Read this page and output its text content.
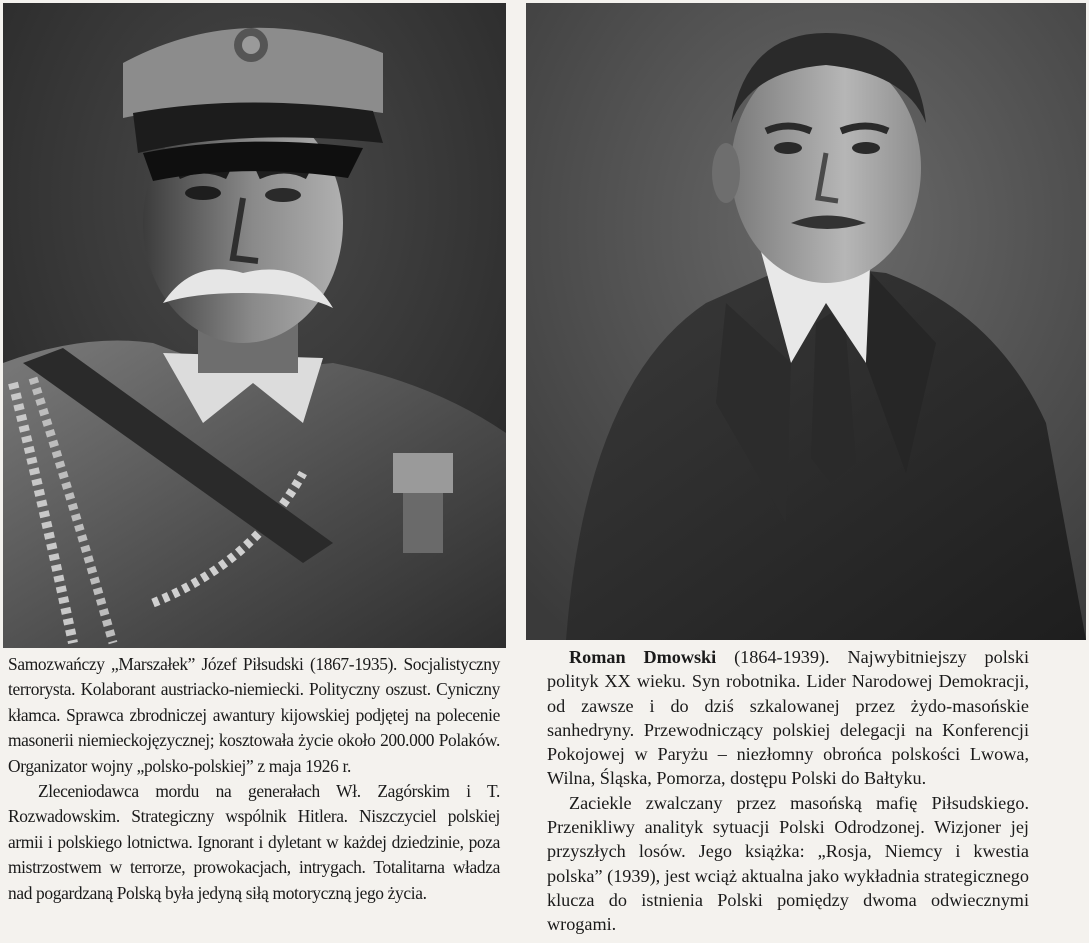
Samozwańczy „Marszałek” Józef Piłsudski (1867-1935). Socjalistyczny terrorysta. Kolaborant austriacko-niemiecki. Polityczny oszust. Cyniczny kłamca. Sprawca zbrodniczej awantury kijowskiej podjętej na polecenie masonerii niemieckojęzycznej; kosztowała życie około 200.000 Polaków. Organizator wojny „polsko-polskiej” z maja 1926 r.

Zleceniodawca mordu na generałach Wł. Zagórskim i T. Rozwadowskim. Strategiczny wspólnik Hitlera. Niszczyciel polskiej armii i polskiego lotnictwa. Ignorant i dyletant w każdej dziedzinie, poza mistrzostwem w terrorze, prowokacjach, intrygach. Totalitarna władza nad pogardzaną Polską była jedyną siłą motoryczną jego życia.

Roman Dmowski (1864-1939). Najwybitniejszy polski polityk XX wieku. Syn robotnika. Lider Narodowej Demokracji, od zawsze i do dziś szkalowanej przez żydo-masońskie sanhedryny. Przewodniczący polskiej delegacji na Konferencji Pokojowej w Paryżu – niezłomny obrońca polskości Lwowa, Wilna, Śląska, Pomorza, dostępu Polski do Bałtyku.

Zaciekle zwalczany przez masońską mafię Piłsudskiego. Przenikliwy analityk sytuacji Polski Odrodzonej. Wizjoner jej przyszłych losów. Jego książka: „Rosja, Niemcy i kwestia polska” (1939), jest wciąż aktualna jako wykładnia strategicznego klucza do istnienia Polski pomiędzy dwoma odwiecznymi wrogami.
